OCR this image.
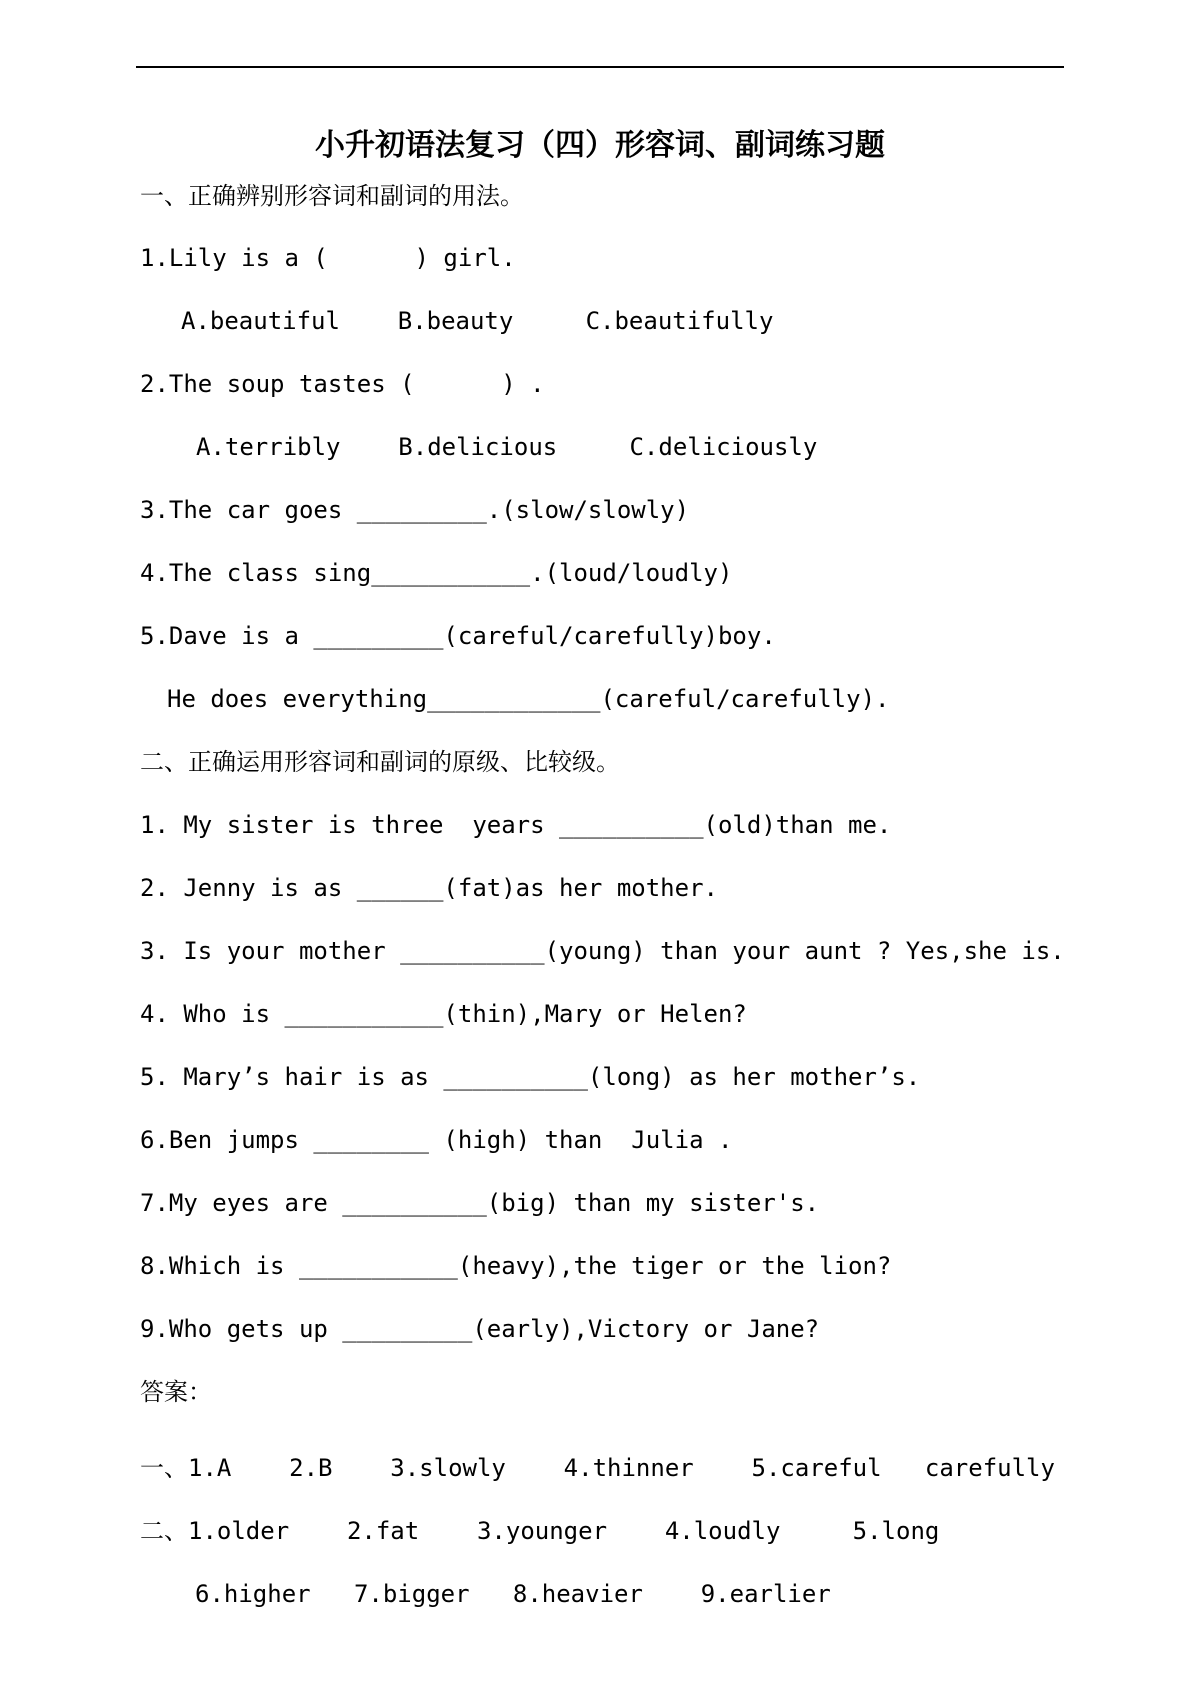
小升初语法复习（四）形容词、副词练习题
一、正确辨别形容词和副词的用法。
1.Lily is a (      ) girl.
A.beautiful    B.beauty     C.beautifully
2.The soup tastes (      ) .
A.terribly    B.delicious     C.deliciously
3.The car goes _________.(slow/slowly)
4.The class sing___________.(loud/loudly)
5.Dave is a _________(careful/carefully)boy.
He does everything____________(careful/carefully).
二、正确运用形容词和副词的原级、比较级。
1. My sister is three  years __________(old)than me.
2. Jenny is as ______(fat)as her mother.
3. Is your mother __________(young) than your aunt ? Yes,she is.
4. Who is ___________(thin),Mary or Helen?
5. Mary’s hair is as __________(long) as her mother’s.
6.Ben jumps ________ (high) than  Julia .
7.My eyes are __________(big) than my sister's.
8.Which is ___________(heavy),the tiger or the lion?
9.Who gets up _________(early),Victory or Jane?
答案：
一、1.A    2.B    3.slowly    4.thinner    5.careful   carefully
二、1.older    2.fat    3.younger    4.loudly     5.long
6.higher   7.bigger   8.heavier    9.earlier
